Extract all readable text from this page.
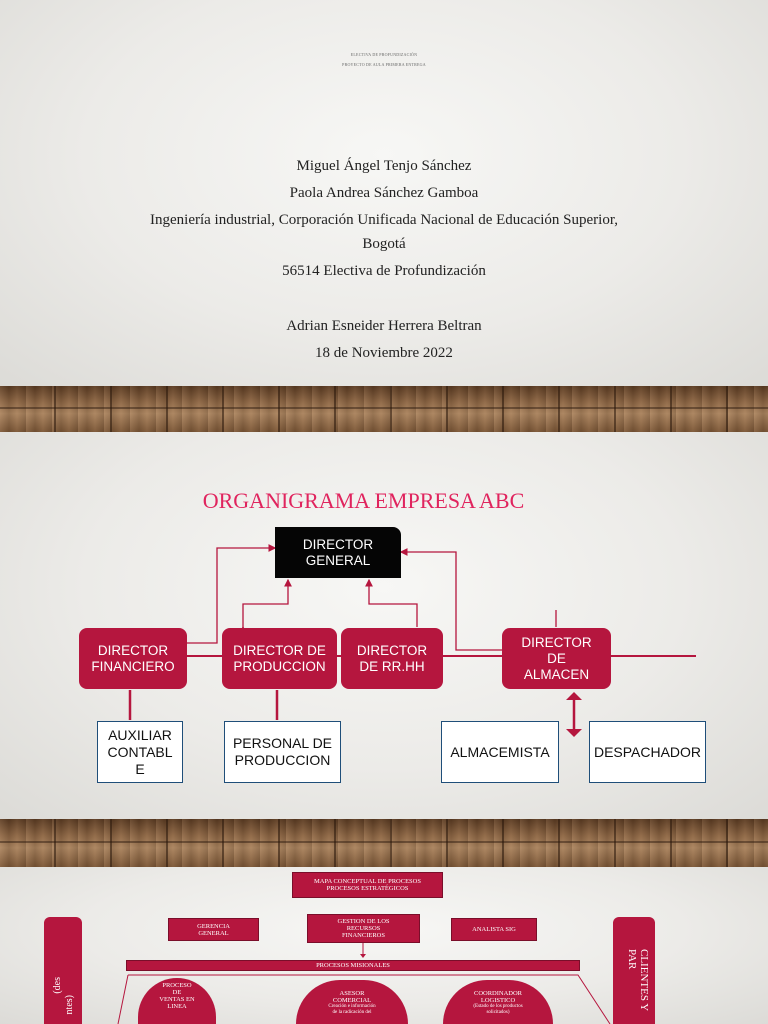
ELECTIVA DE PROFUNDIZACIÓN
PROYECTO DE AULA PRIMERA ENTREGA
Miguel Ángel Tenjo Sánchez
Paola Andrea Sánchez Gamboa
Ingeniería industrial, Corporación Unificada Nacional de Educación Superior,
Bogotá
56514 Electiva de Profundización
Adrian Esneider Herrera Beltran
18 de Noviembre 2022
ORGANIGRAMA EMPRESA ABC
DIRECTOR
GENERAL
DIRECTOR
FINANCIERO
DIRECTOR DE
PRODUCCION
DIRECTOR
DE RR.HH
DIRECTOR
DE
ALMACEN
AUXILIAR
CONTABL
E
PERSONAL DE
PRODUCCION
ALMACEMISTA	DESPACHADOR
MAPA CONCEPTUAL DE PROCESOS
PROCESOS ESTRATÉGICOS
GERENCIA
GENERAL
GESTION DE LOS
RECURSOS
FINANCIEROS
ANALISTA SIG
PROCESOS MISIONALES
PROCESO
DE
VENTAS EN
LINEA
ASESOR
COMERCIAL
Creación e información
de la radicación del
COORDINADOR
LOGISTICO
(Estado de los productos
solicitados)
(des
ntes)	CLIENTES Y PAR
